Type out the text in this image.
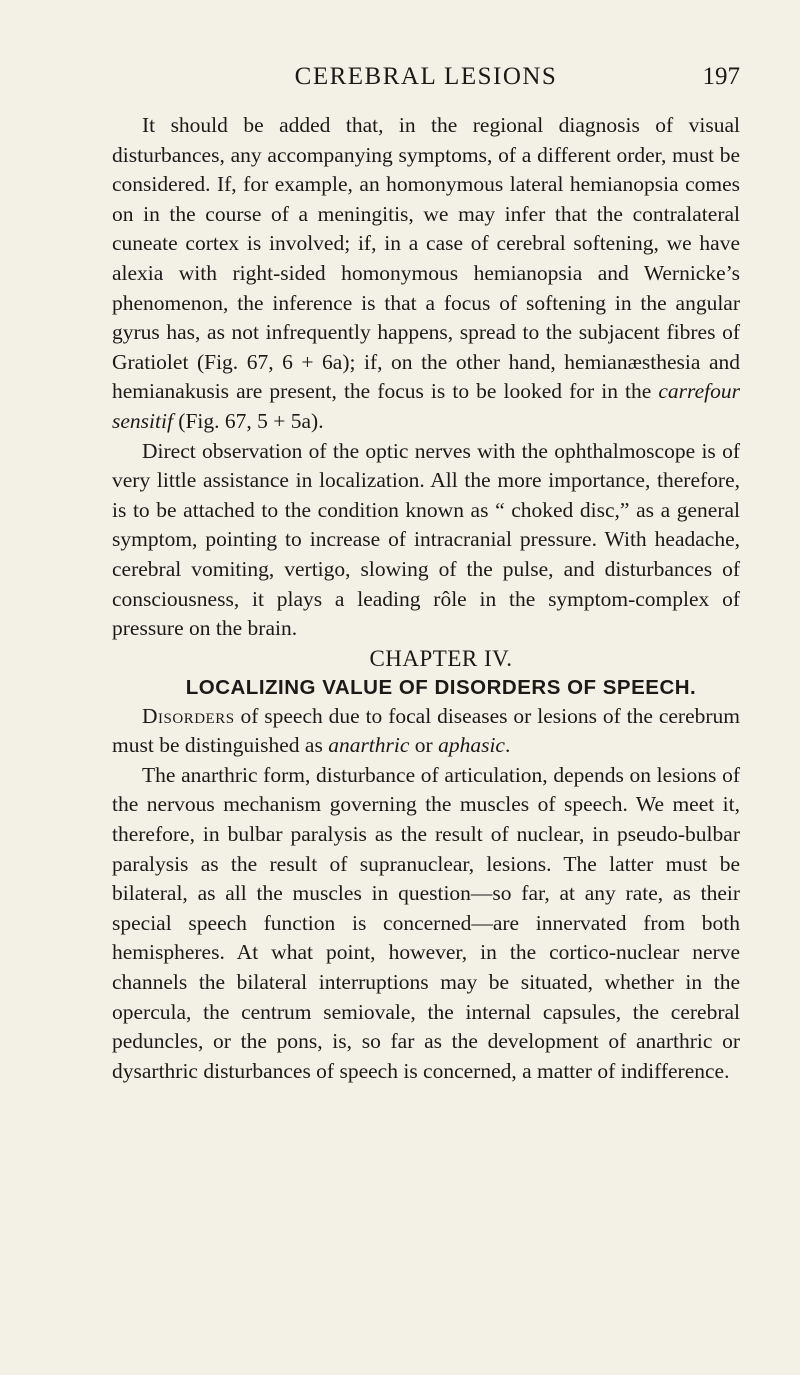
CEREBRAL LESIONS	197

It should be added that, in the regional diagnosis of visual disturbances, any accompanying symptoms, of a different order, must be considered. If, for example, an homonymous lateral hemianopsia comes on in the course of a meningitis, we may infer that the contralateral cuneate cortex is involved; if, in a case of cerebral softening, we have alexia with right-sided homonymous hemianopsia and Wernicke’s phenomenon, the inference is that a focus of softening in the angular gyrus has, as not infrequently happens, spread to the subjacent fibres of Gratiolet (Fig. 67, 6 + 6a); if, on the other hand, hemianæsthesia and hemianakusis are present, the focus is to be looked for in the carrefour sensitif (Fig. 67, 5 + 5a).

Direct observation of the optic nerves with the ophthalmoscope is of very little assistance in localization. All the more importance, therefore, is to be attached to the condition known as “ choked disc,” as a general symptom, pointing to increase of intracranial pressure. With headache, cerebral vomiting, vertigo, slowing of the pulse, and disturbances of consciousness, it plays a leading rôle in the symptom-complex of pressure on the brain.

CHAPTER IV.

LOCALIZING VALUE OF DISORDERS OF SPEECH.

Disorders of speech due to focal diseases or lesions of the cerebrum must be distinguished as anarthric or aphasic.

The anarthric form, disturbance of articulation, depends on lesions of the nervous mechanism governing the muscles of speech. We meet it, therefore, in bulbar paralysis as the result of nuclear, in pseudo-bulbar paralysis as the result of supranuclear, lesions. The latter must be bilateral, as all the muscles in question—so far, at any rate, as their special speech function is concerned—are innervated from both hemispheres. At what point, however, in the cortico-nuclear nerve channels the bilateral interruptions may be situated, whether in the opercula, the centrum semiovale, the internal capsules, the cerebral peduncles, or the pons, is, so far as the development of anarthric or dysarthric disturbances of speech is concerned, a matter of indifference.
